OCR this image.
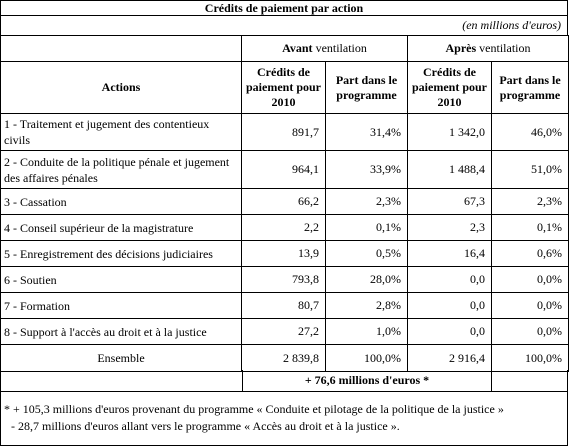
Crédits de paiement par action
(en millions d'euros)
	Avant ventilation		Après ventilation	
Actions	Crédits de paiement pour 2010	Part dans le programme	Crédits de paiement pour 2010	Part dans le programme
1 - Traitement et jugement des contentieux civils	891,7	31,4%	1 342,0	46,0%
2 - Conduite de la politique pénale et jugement des affaires pénales	964,1	33,9%	1 488,4	51,0%
3 - Cassation	66,2	2,3%	67,3	2,3%
4 - Conseil supérieur de la magistrature	2,2	0,1%	2,3	0,1%
5 - Enregistrement des décisions judiciaires	13,9	0,5%	16,4	0,6%
6 - Soutien	793,8	28,0%	0,0	0,0%
7 - Formation	80,7	2,8%	0,0	0,0%
8 - Support à l'accès au droit et à la justice	27,2	1,0%	0,0	0,0%
Ensemble	2 839,8	100,0%	2 916,4	100,0%
+ 76,6 millions d'euros *
* + 105,3 millions d'euros provenant du programme « Conduite et pilotage de la politique de la justice »
- 28,7 millions d'euros allant vers le programme « Accès au droit et à la justice ».
